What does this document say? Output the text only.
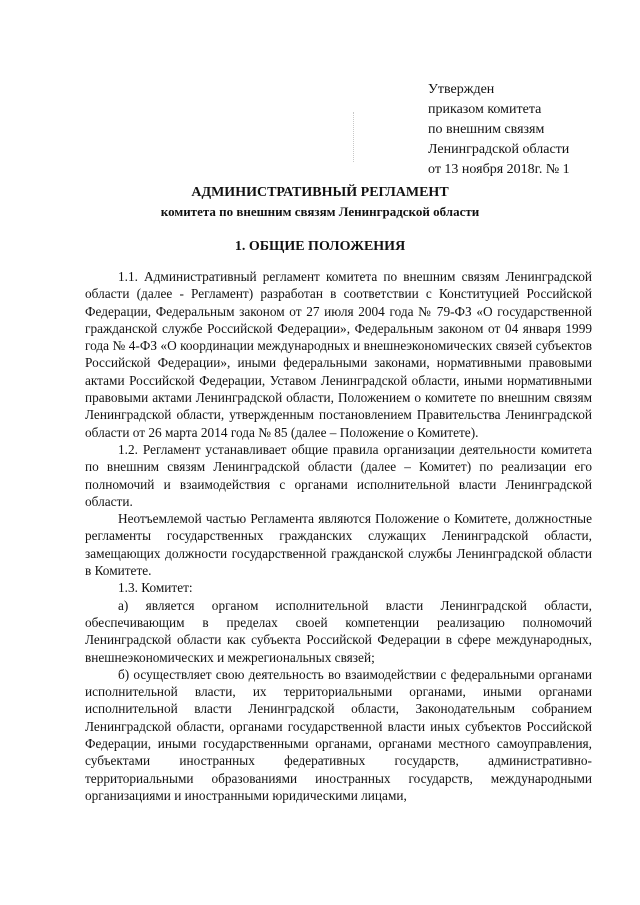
Утвержден
приказом комитета
по внешним связям
Ленинградской области
от 13 ноября 2018г. № 1
АДМИНИСТРАТИВНЫЙ РЕГЛАМЕНТ
комитета по внешним связям Ленинградской области
1. ОБЩИЕ ПОЛОЖЕНИЯ

1.1. Административный регламент комитета по внешним связям Ленинградской области (далее - Регламент) разработан в соответствии с Конституцией Российской Федерации, Федеральным законом от 27 июля 2004 года № 79-ФЗ «О государственной гражданской службе Российской Федерации», Федеральным законом от 04 января 1999 года № 4-ФЗ «О координации международных и внешнеэкономических связей субъектов Российской Федерации», иными федеральными законами, нормативными правовыми актами Российской Федерации, Уставом Ленинградской области, иными нормативными правовыми актами Ленинградской области, Положением о комитете по внешним связям Ленинградской области, утвержденным постановлением Правительства Ленинградской области от 26 марта 2014 года № 85 (далее – Положение о Комитете).

1.2. Регламент устанавливает общие правила организации деятельности комитета по внешним связям Ленинградской области (далее – Комитет) по реализации его полномочий и взаимодействия с органами исполнительной власти Ленинградской области.

Неотъемлемой частью Регламента являются Положение о Комитете, должностные регламенты государственных гражданских служащих Ленинградской области, замещающих должности государственной гражданской службы Ленинградской области в Комитете.

1.3. Комитет:

а) является органом исполнительной власти Ленинградской области, обеспечивающим в пределах своей компетенции реализацию полномочий Ленинградской области как субъекта Российской Федерации в сфере международных, внешнеэкономических и межрегиональных связей;

б) осуществляет свою деятельность во взаимодействии с федеральными органами исполнительной власти, их территориальными органами, иными органами исполнительной власти Ленинградской области, Законодательным собранием Ленинградской области, органами государственной власти иных субъектов Российской Федерации, иными государственными органами, органами местного самоуправления, субъектами иностранных федеративных государств, административно-территориальными образованиями иностранных государств, международными организациями и иностранными юридическими лицами,
